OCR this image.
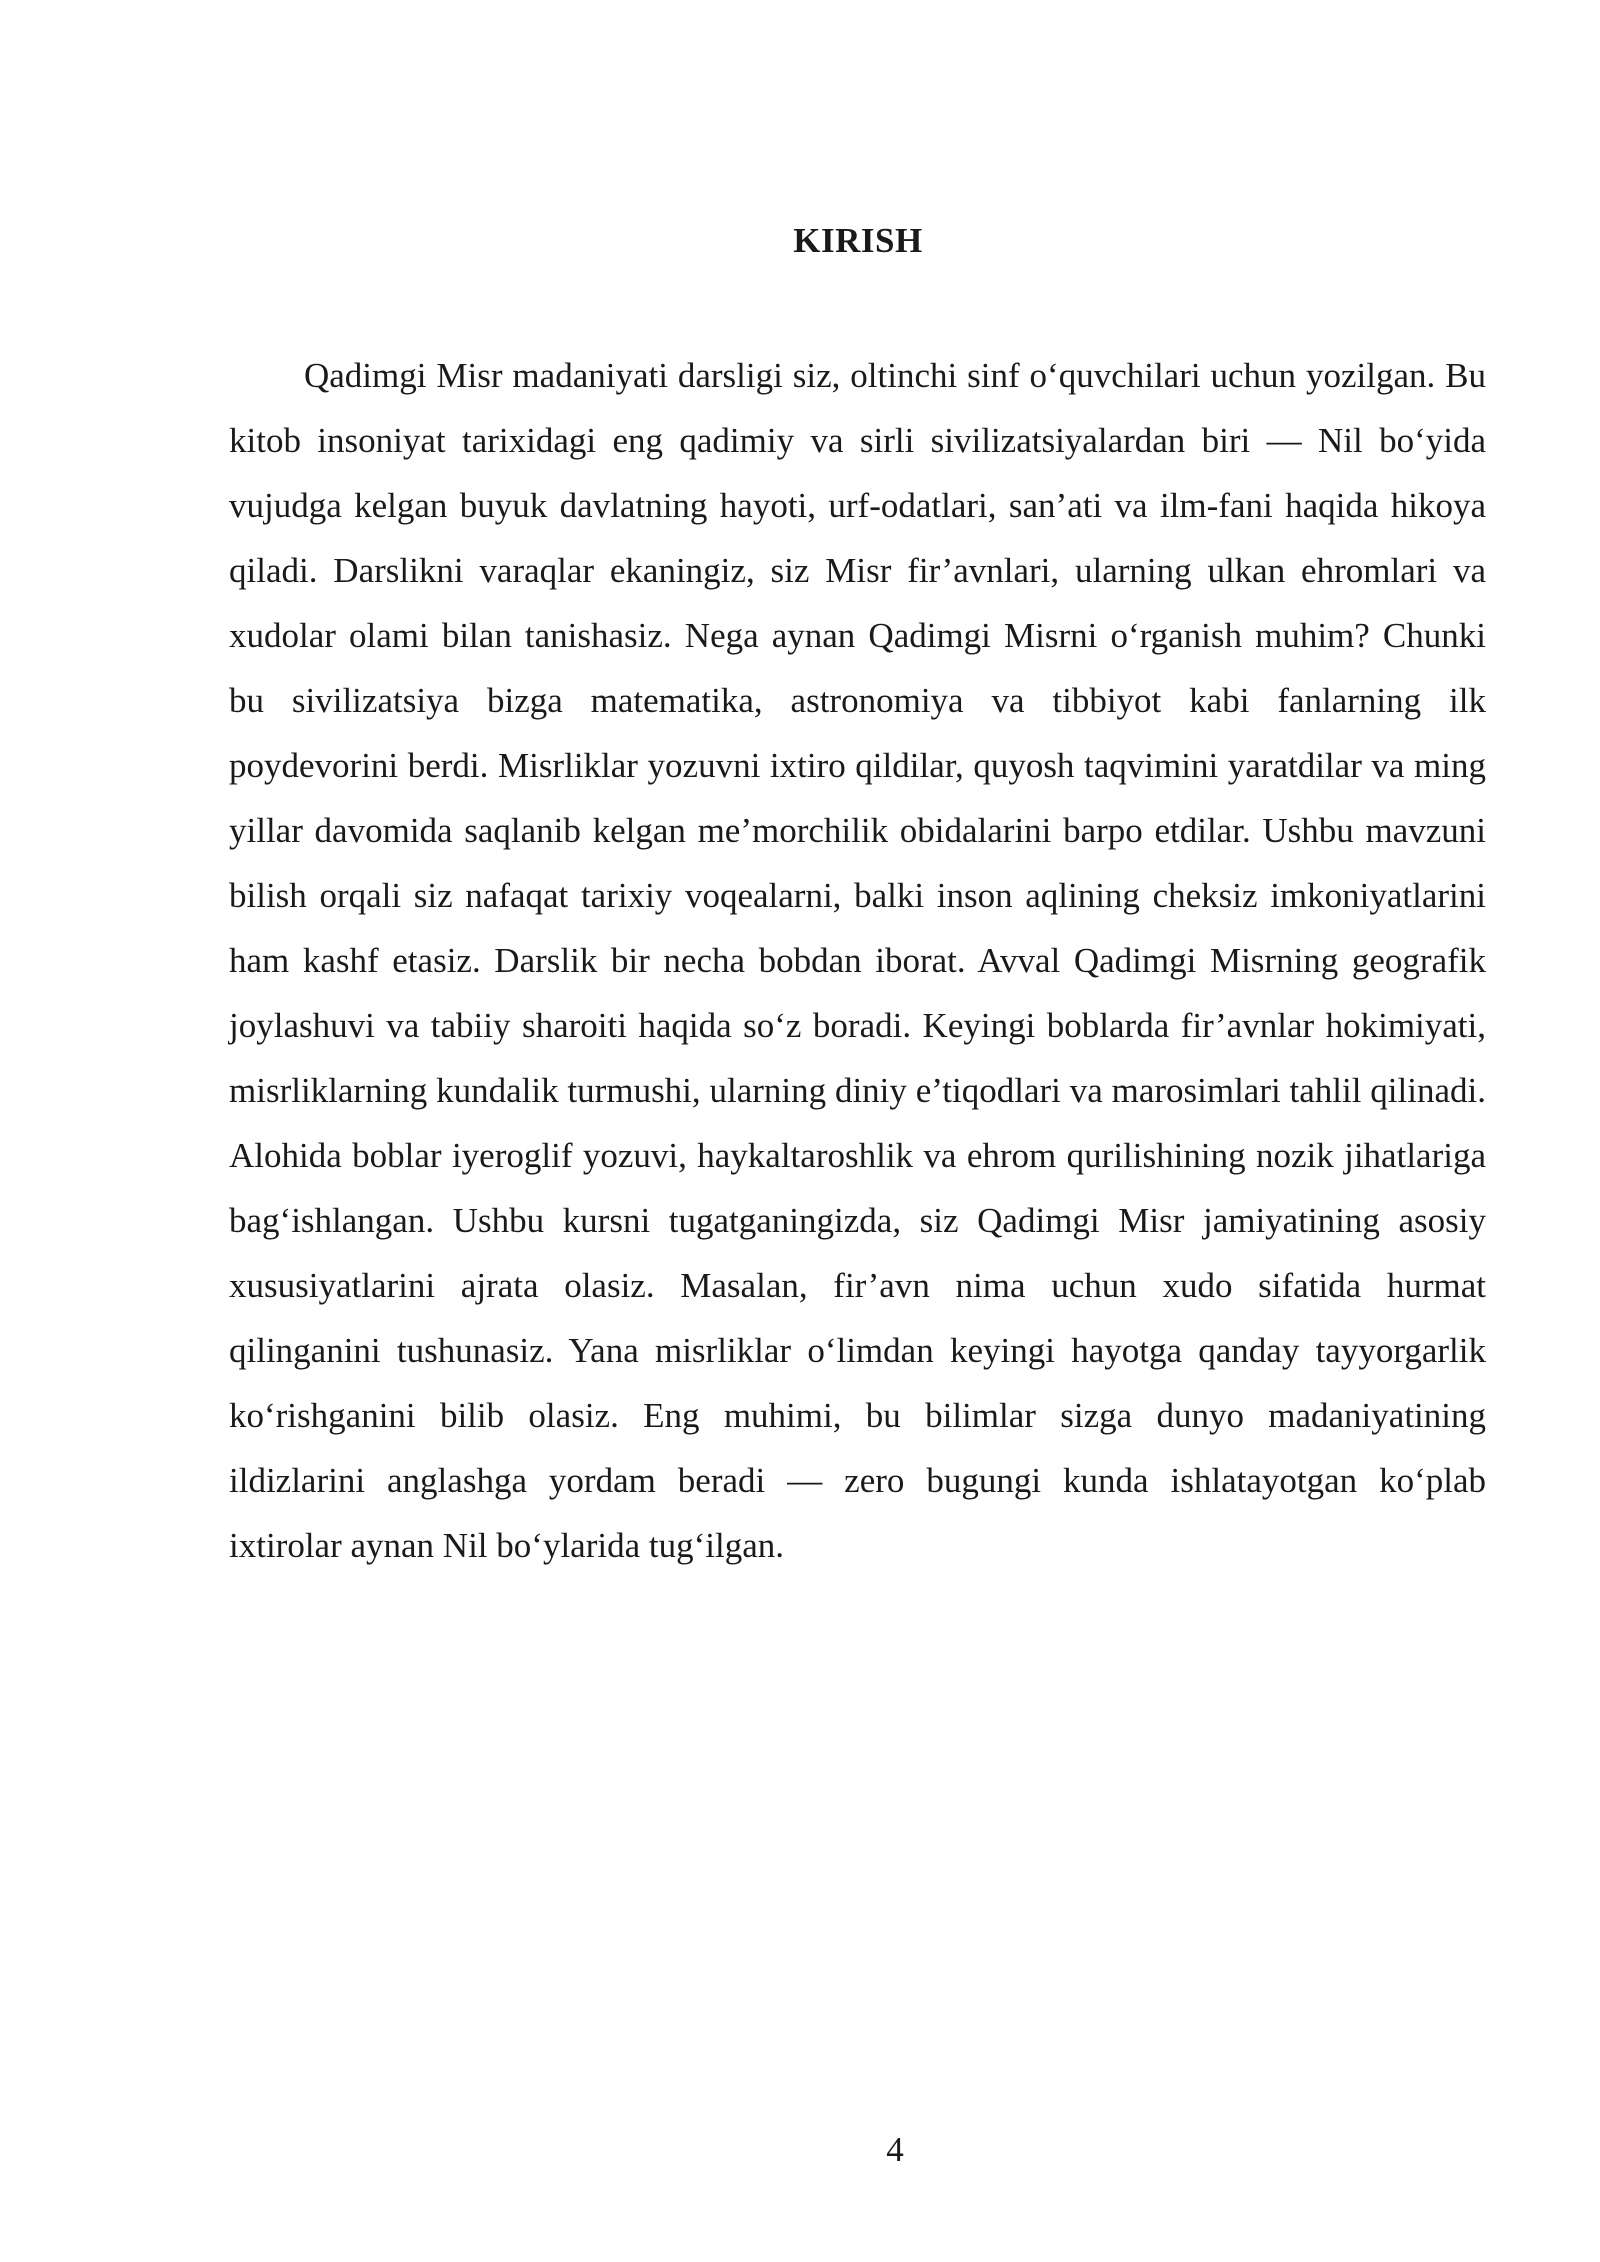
KIRISH

Qadimgi Misr madaniyati darsligi siz, oltinchi sinf o‘quvchilari uchun yozilgan. Bu kitob insoniyat tarixidagi eng qadimiy va sirli sivilizatsiyalardan biri — Nil bo‘yida vujudga kelgan buyuk davlatning hayoti, urf-odatlari, san’ati va ilm-fani haqida hikoya qiladi. Darslikni varaqlar ekaningiz, siz Misr fir’avnlari, ularning ulkan ehromlari va xudolar olami bilan tanishasiz. Nega aynan Qadimgi Misrni o‘rganish muhim? Chunki bu sivilizatsiya bizga matematika, astronomiya va tibbiyot kabi fanlarning ilk poydevorini berdi. Misrliklar yozuvni ixtiro qildilar, quyosh taqvimini yaratdilar va ming yillar davomida saqlanib kelgan me’morchilik obidalarini barpo etdilar. Ushbu mavzuni bilish orqali siz nafaqat tarixiy voqealarni, balki inson aqlining cheksiz imkoniyatlarini ham kashf etasiz. Darslik bir necha bobdan iborat. Avval Qadimgi Misrning geografik joylashuvi va tabiiy sharoiti haqida so‘z boradi. Keyingi boblarda fir’avnlar hokimiyati, misrliklarning kundalik turmushi, ularning diniy e’tiqodlari va marosimlari tahlil qilinadi. Alohida boblar iyeroglif yozuvi, haykaltaroshlik va ehrom qurilishining nozik jihatlariga bag‘ishlangan. Ushbu kursni tugatganingizda, siz Qadimgi Misr jamiyatining asosiy xususiyatlarini ajrata olasiz. Masalan, fir’avn nima uchun xudo sifatida hurmat qilinganini tushunasiz. Yana misrliklar o‘limdan keyingi hayotga qanday tayyorgarlik ko‘rishganini bilib olasiz. Eng muhimi, bu bilimlar sizga dunyo madaniyatining ildizlarini anglashga yordam beradi — zero bugungi kunda ishlatayotgan ko‘plab ixtirolar aynan Nil bo‘ylarida tug‘ilgan.

4
